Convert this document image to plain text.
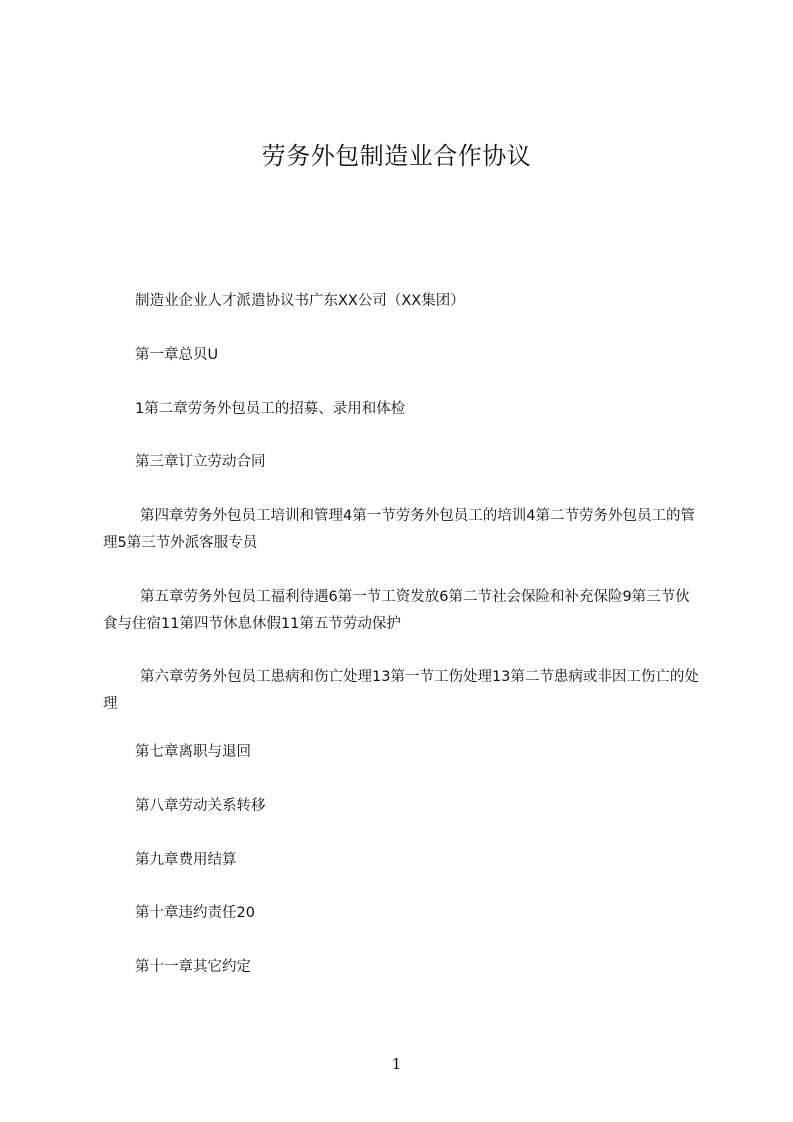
劳务外包制造业合作协议
制造业企业人才派遣协议书广东XX公司（XX集团）
第一章总贝U
1第二章劳务外包员工的招募、录用和体检
第三章订立劳动合同
第四章劳务外包员工培训和管理4第一节劳务外包员工的培训4第二节劳务外包员工的管理5第三节外派客服专员
第五章劳务外包员工福利待遇6第一节工资发放6第二节社会保险和补充保险9第三节伙食与住宿11第四节休息休假11第五节劳动保护
第六章劳务外包员工患病和伤亡处理13第一节工伤处理13第二节患病或非因工伤亡的处理
第七章离职与退回
第八章劳动关系转移
第九章费用结算
第十章违约责任20
第十一章其它约定
1
